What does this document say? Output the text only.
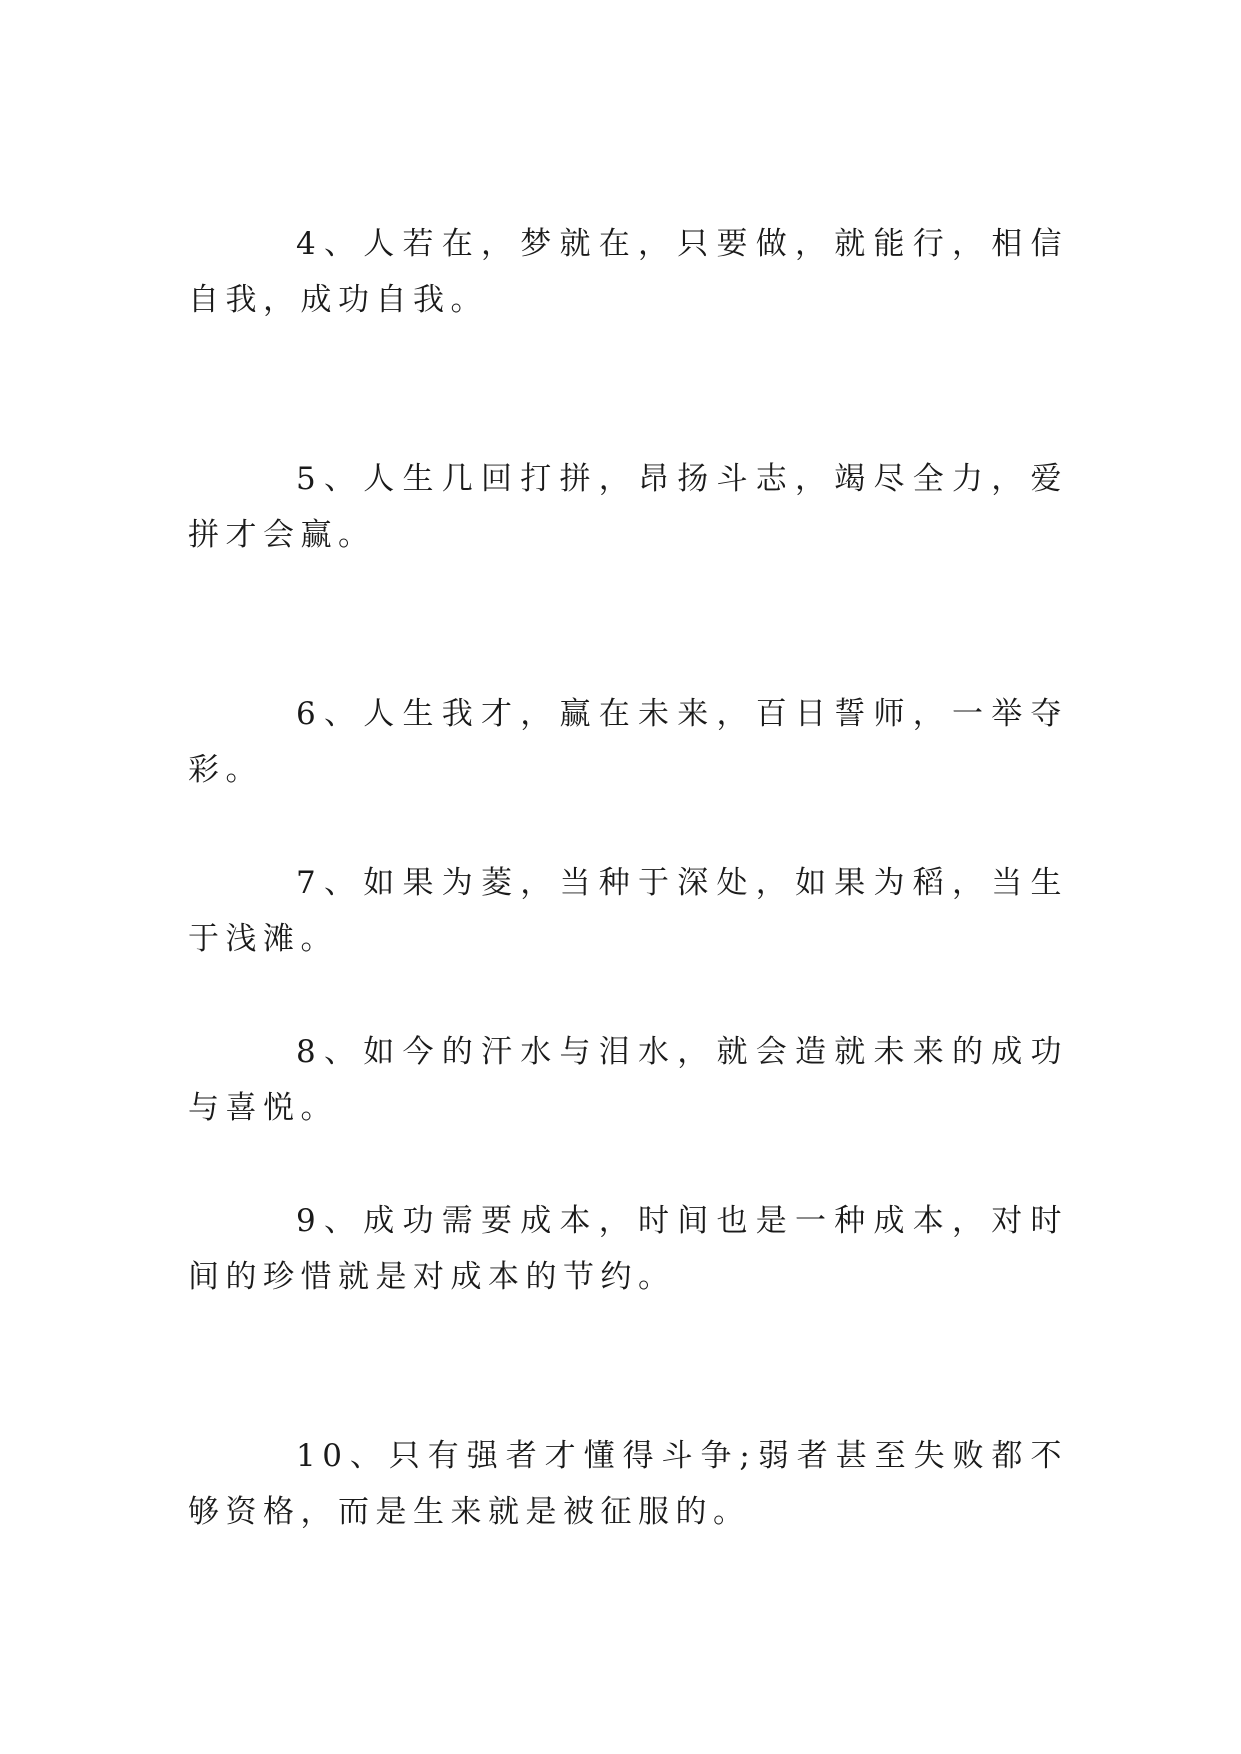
4、人若在，梦就在，只要做，就能行，相信自我，成功自我。

5、人生几回打拼，昂扬斗志，竭尽全力，爱拼才会赢。

6、人生我才，赢在未来，百日誓师，一举夺彩。

7、如果为菱，当种于深处，如果为稻，当生于浅滩。

8、如今的汗水与泪水，就会造就未来的成功与喜悦。

9、成功需要成本，时间也是一种成本，对时间的珍惜就是对成本的节约。

10、只有强者才懂得斗争;弱者甚至失败都不够资格，而是生来就是被征服的。
